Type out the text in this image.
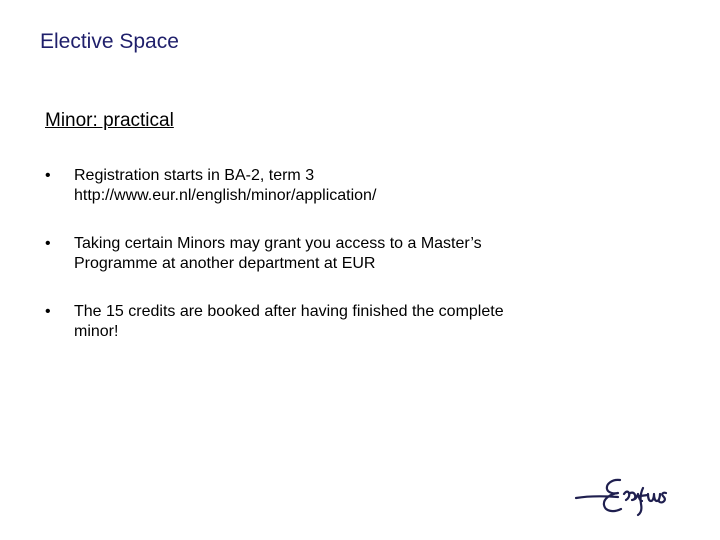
Elective Space
Minor: practical
•	Registration starts in BA-2, term 3
http://www.eur.nl/english/minor/application/
•	Taking certain Minors may grant you access to a Master’s
Programme at another department at EUR
•	The 15 credits are booked after having finished the complete
minor!
